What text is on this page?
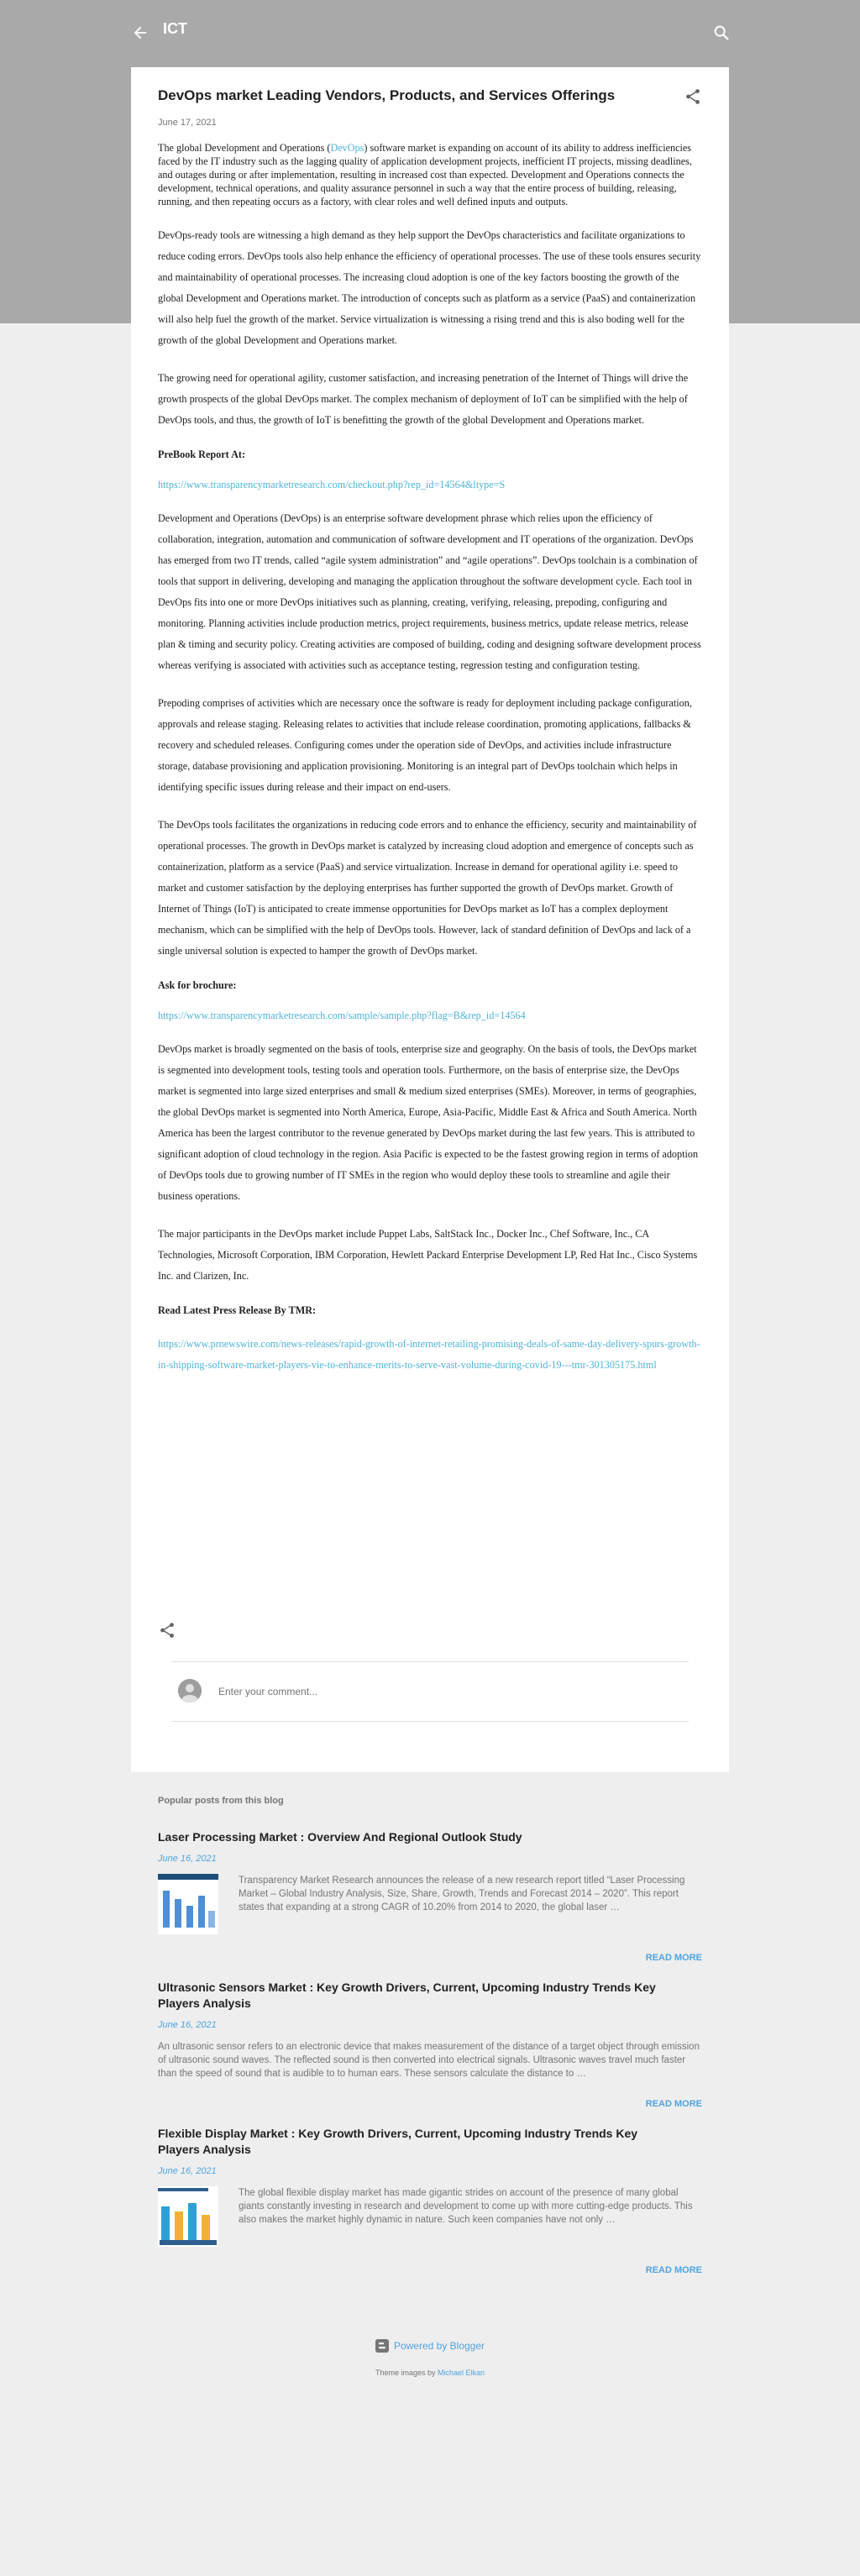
ICT
DevOps market Leading Vendors, Products, and Services Offerings
June 17, 2021

The global Development and Operations (DevOps) software market is expanding on account of its ability to address inefficiencies faced by the IT industry such as the lagging quality of application development projects, inefficient IT projects, missing deadlines, and outages during or after implementation, resulting in increased cost than expected. Development and Operations connects the development, technical operations, and quality assurance personnel in such a way that the entire process of building, releasing, running, and then repeating occurs as a factory, with clear roles and well defined inputs and outputs.

DevOps-ready tools are witnessing a high demand as they help support the DevOps characteristics and facilitate organizations to reduce coding errors. DevOps tools also help enhance the efficiency of operational processes. The use of these tools ensures security and maintainability of operational processes. The increasing cloud adoption is one of the key factors boosting the growth of the global Development and Operations market. The introduction of concepts such as platform as a service (PaaS) and containerization will also help fuel the growth of the market. Service virtualization is witnessing a rising trend and this is also boding well for the growth of the global Development and Operations market.

The growing need for operational agility, customer satisfaction, and increasing penetration of the Internet of Things will drive the growth prospects of the global DevOps market. The complex mechanism of deployment of IoT can be simplified with the help of DevOps tools, and thus, the growth of IoT is benefitting the growth of the global Development and Operations market.

PreBook Report At:

https://www.transparencymarketresearch.com/checkout.php?rep_id=14564&ltype=S

Development and Operations (DevOps) is an enterprise software development phrase which relies upon the efficiency of collaboration, integration, automation and communication of software development and IT operations of the organization. DevOps has emerged from two IT trends, called “agile system administration” and “agile operations”. DevOps toolchain is a combination of tools that support in delivering, developing and managing the application throughout the software development cycle. Each tool in DevOps fits into one or more DevOps initiatives such as planning, creating, verifying, releasing, prepoding, configuring and monitoring. Planning activities include production metrics, project requirements, business metrics, update release metrics, release plan & timing and security policy. Creating activities are composed of building, coding and designing software development process whereas verifying is associated with activities such as acceptance testing, regression testing and configuration testing.

Prepoding comprises of activities which are necessary once the software is ready for deployment including package configuration, approvals and release staging. Releasing relates to activities that include release coordination, promoting applications, fallbacks & recovery and scheduled releases. Configuring comes under the operation side of DevOps, and activities include infrastructure storage, database provisioning and application provisioning. Monitoring is an integral part of DevOps toolchain which helps in identifying specific issues during release and their impact on end-users.

The DevOps tools facilitates the organizations in reducing code errors and to enhance the efficiency, security and maintainability of operational processes. The growth in DevOps market is catalyzed by increasing cloud adoption and emergence of concepts such as containerization, platform as a service (PaaS) and service virtualization. Increase in demand for operational agility i.e. speed to market and customer satisfaction by the deploying enterprises has further supported the growth of DevOps market. Growth of Internet of Things (IoT) is anticipated to create immense opportunities for DevOps market as IoT has a complex deployment mechanism, which can be simplified with the help of DevOps tools. However, lack of standard definition of DevOps and lack of a single universal solution is expected to hamper the growth of DevOps market.

Ask for brochure:

https://www.transparencymarketresearch.com/sample/sample.php?flag=B&rep_id=14564

DevOps market is broadly segmented on the basis of tools, enterprise size and geography. On the basis of tools, the DevOps market is segmented into development tools, testing tools and operation tools. Furthermore, on the basis of enterprise size, the DevOps market is segmented into large sized enterprises and small & medium sized enterprises (SMEs). Moreover, in terms of geographies, the global DevOps market is segmented into North America, Europe, Asia-Pacific, Middle East & Africa and South America. North America has been the largest contributor to the revenue generated by DevOps market during the last few years. This is attributed to significant adoption of cloud technology in the region. Asia Pacific is expected to be the fastest growing region in terms of adoption of DevOps tools due to growing number of IT SMEs in the region who would deploy these tools to streamline and agile their business operations.

The major participants in the DevOps market include Puppet Labs, SaltStack Inc., Docker Inc., Chef Software, Inc., CA Technologies, Microsoft Corporation, IBM Corporation, Hewlett Packard Enterprise Development LP, Red Hat Inc., Cisco Systems Inc. and Clarizen, Inc.

Read Latest Press Release By TMR:

https://www.prnewswire.com/news-releases/rapid-growth-of-internet-retailing-promising-deals-of-same-day-delivery-spurs-growth-in-shipping-software-market-players-vie-to-enhance-merits-to-serve-vast-volume-during-covid-19---tmr-301305175.html

Enter your comment...
Popular posts from this blog
Laser Processing Market : Overview And Regional Outlook Study
June 16, 2021
Transparency Market Research announces the release of a new research report titled “Laser Processing Market – Global Industry Analysis, Size, Share, Growth, Trends and Forecast 2014 – 2020”. This report states that expanding at a strong CAGR of 10.20% from 2014 to 2020, the global laser …
READ MORE
Ultrasonic Sensors Market : Key Growth Drivers, Current, Upcoming Industry Trends Key Players Analysis
June 16, 2021
An ultrasonic sensor refers to an electronic device that makes measurement of the distance of a target object through emission of ultrasonic sound waves. The reflected sound is then converted into electrical signals. Ultrasonic waves travel much faster than the speed of sound that is audible to to human ears. These sensors calculate the distance to …
READ MORE
Flexible Display Market : Key Growth Drivers, Current, Upcoming Industry Trends Key Players Analysis
June 16, 2021
The global flexible display market has made gigantic strides on account of the presence of many global giants constantly investing in research and development to come up with more cutting-edge products. This also makes the market highly dynamic in nature. Such keen companies have not only …
READ MORE
Powered by Blogger
Theme images by Michael Elkan
